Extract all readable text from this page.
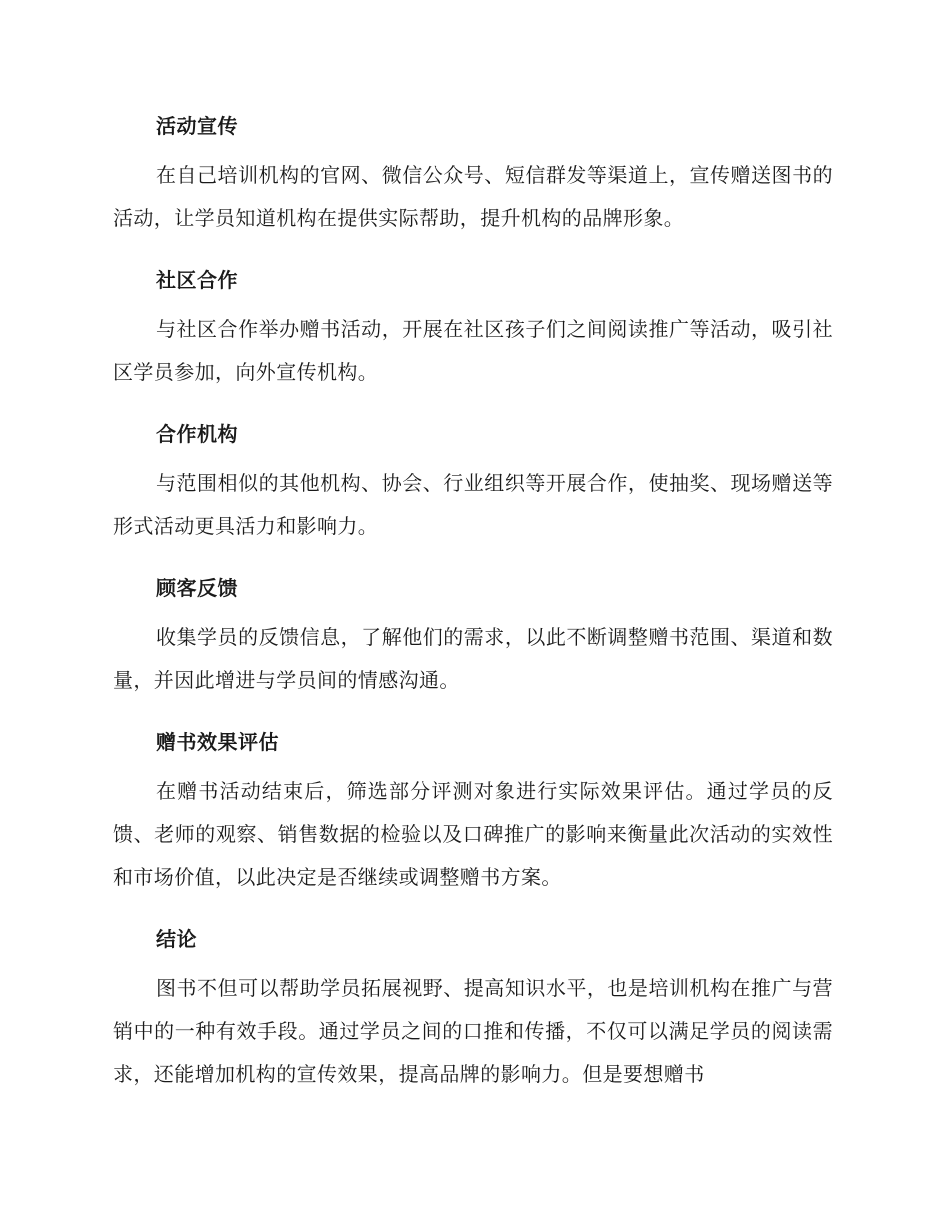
活动宣传

在自己培训机构的官网、微信公众号、短信群发等渠道上，宣传赠送图书的活动，让学员知道机构在提供实际帮助，提升机构的品牌形象。

社区合作

与社区合作举办赠书活动，开展在社区孩子们之间阅读推广等活动，吸引社区学员参加，向外宣传机构。

合作机构

与范围相似的其他机构、协会、行业组织等开展合作，使抽奖、现场赠送等形式活动更具活力和影响力。

顾客反馈

收集学员的反馈信息，了解他们的需求，以此不断调整赠书范围、渠道和数量，并因此增进与学员间的情感沟通。

赠书效果评估

在赠书活动结束后，筛选部分评测对象进行实际效果评估。通过学员的反馈、老师的观察、销售数据的检验以及口碑推广的影响来衡量此次活动的实效性和市场价值，以此决定是否继续或调整赠书方案。

结论

图书不但可以帮助学员拓展视野、提高知识水平，也是培训机构在推广与营销中的一种有效手段。通过学员之间的口推和传播，不仅可以满足学员的阅读需求，还能增加机构的宣传效果，提高品牌的影响力。但是要想赠书
